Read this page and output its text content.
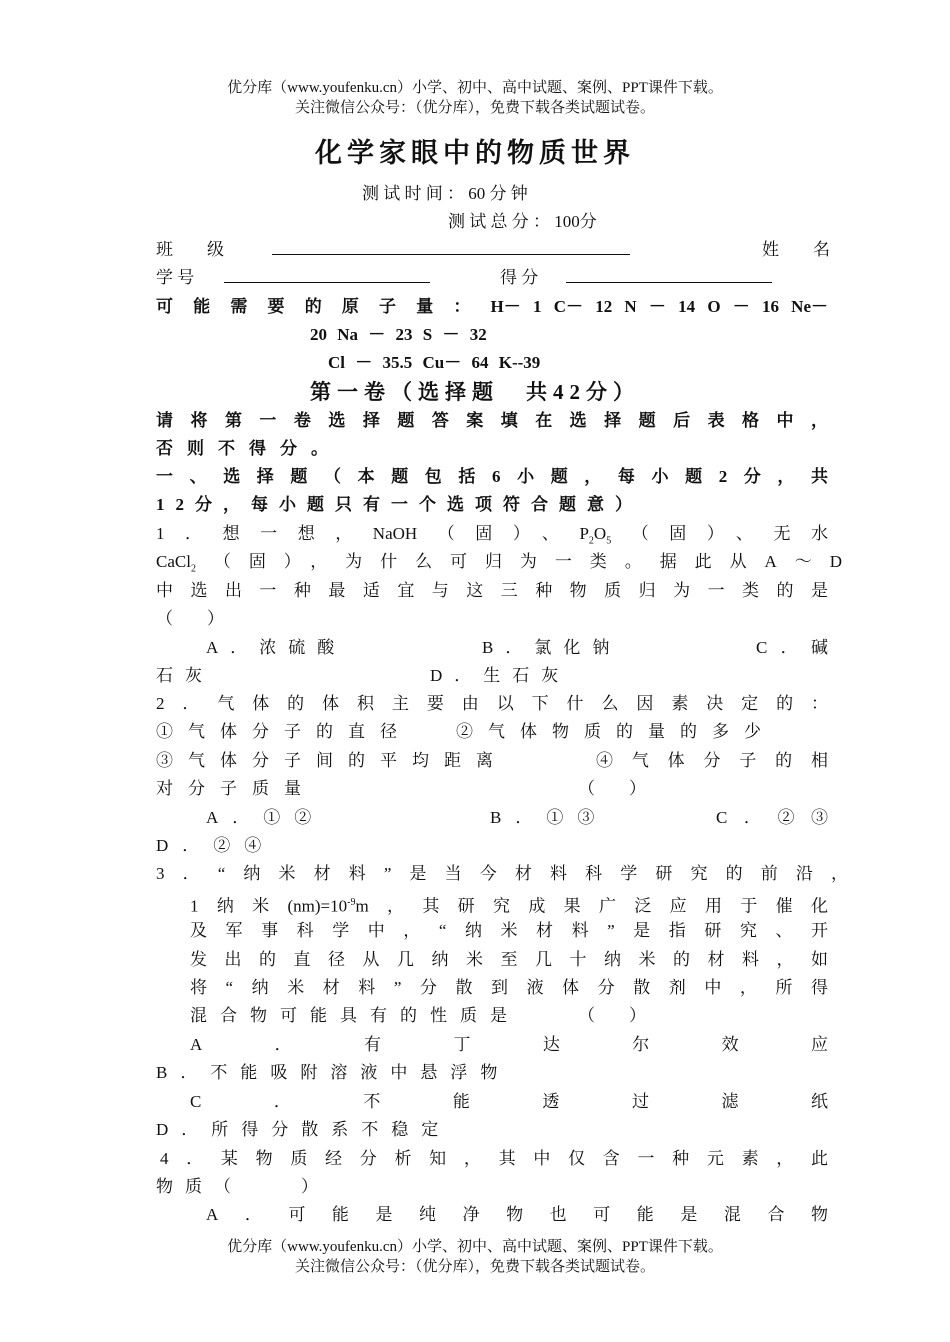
优分库（www.youfenku.cn）小学、初中、高中试题、案例、PPT课件下载。
关注微信公众号：（优分库），免费下载各类试题试卷。
化学家眼中的物质世界
测 试 时 间 ： 60 分 钟
测 试 总 分 ： 100分
班　　级	姓　　名
学 号	得 分
可 能 需 要 的 原 子 量 ： H－ 1 C－ 12 N － 14 O － 16 Ne－
20 Na － 23 S － 32
Cl － 35.5 Cu－ 64 K--39
第一卷（选择题　共42分）
请将第一卷选择题答案填在选择题后表格中，
否则不得分。
一、选择题（本题包括6小题，每小题2分，共
12分，每小题只有一个选项符合题意）
1．想一想，NaOH（固）、$P_2O_5$（固）、无水
CaCl$_2$（固），为什么可归为一类。据此从A～D
中选出一种最适宜与这三种物质归为一类的是
（　　）
A．浓硫酸	B．氯化钠	C．碱
石灰	D．生石灰
2．气体的体积主要由以下什么因素决定的：
①气体分子的直径	②气体物质的量的多少
③气体分子间的平均距离	④气体分子的相
对分子质量	（　　）
A．①②	B．①③	C．②③
D．②④
3．“纳米材料”是当今材料科学研究的前沿，
1纳米$(nm)=10^{-9}m$，其研究成果广泛应用于催化
及军事科学中，“纳米材料”是指研究、开
发出的直径从几纳米至几十纳米的材料，如
将“纳米材料”分散到液体分散剂中，所得
混合物可能具有的性质是	（　　）
A．有丁达尔效应
B．不能吸附溶液中悬浮物
C．不能透过滤纸
D．所得分散系不稳定
4．某物质经分析知，其中仅含一种元素，此
物质（　　）
A．可能是纯净物也可能是混合物
优分库（www.youfenku.cn）小学、初中、高中试题、案例、PPT课件下载。
关注微信公众号：（优分库），免费下载各类试题试卷。
